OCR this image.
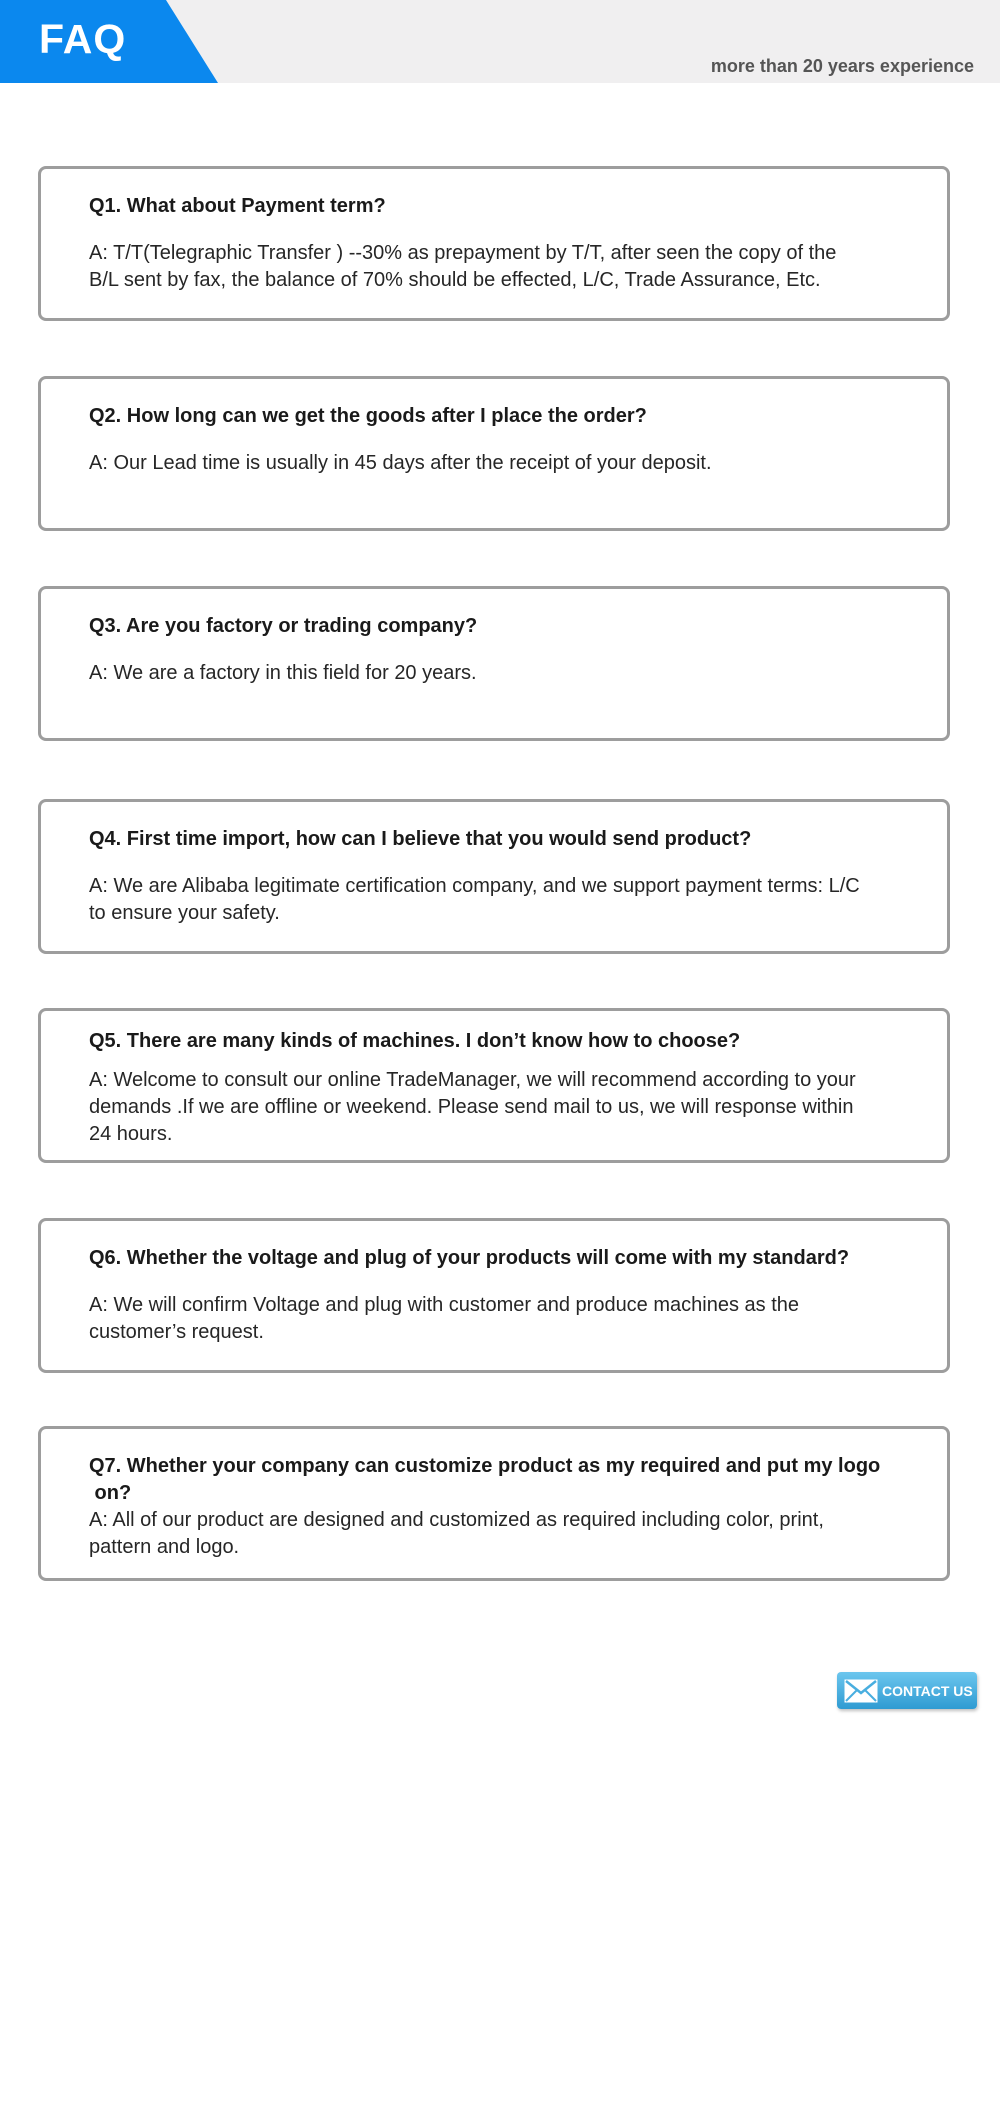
FAQ
more than 20 years experience
Q1. What about Payment term?
A: T/T(Telegraphic Transfer ) --30% as prepayment by T/T, after seen the copy of the
B/L sent by fax, the balance of 70% should be effected, L/C, Trade Assurance, Etc.
Q2. How long can we get the goods after I place the order?
A: Our Lead time is usually in 45 days after the receipt of your deposit.
Q3. Are you factory or trading company?
A: We are a factory in this field for 20 years.
Q4. First time import, how can I believe that you would send product?
A: We are Alibaba legitimate certification company, and we support payment terms: L/C
to ensure your safety.
Q5. There are many kinds of machines. I don’t know how to choose?
A: Welcome to consult our online TradeManager, we will recommend according to your
demands .If we are offline or weekend. Please send mail to us, we will response within
24 hours.
Q6. Whether the voltage and plug of your products will come with my standard?
A: We will confirm Voltage and plug with customer and produce machines as the
customer’s request.
Q7. Whether your company can customize product as my required and put my logo
on?
A: All of our product are designed and customized as required including color, print,
pattern and logo.
CONTACT US
